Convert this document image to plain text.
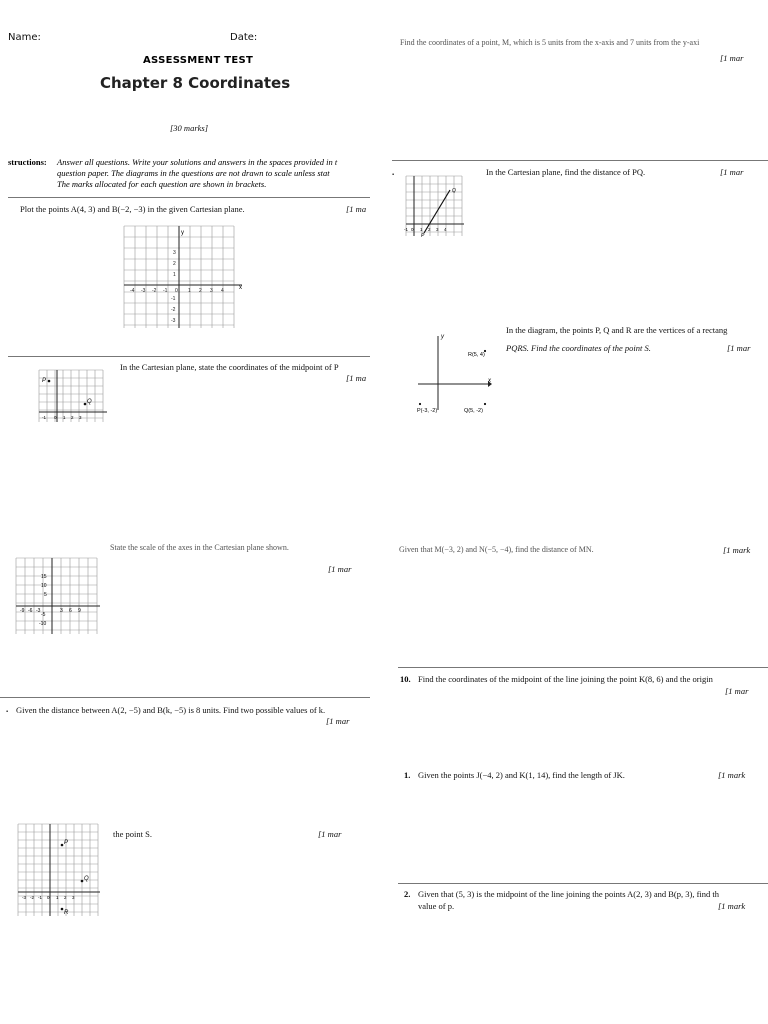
Name:	Date:
ASSESSMENT TEST
Chapter 8 Coordinates
[30 marks]
structions: Answer all questions. Write your solutions and answers in the spaces provided in t
question paper. The diagrams in the questions are not drawn to scale unless stat
The marks allocated for each question are shown in brackets.
Plot the points A(4, 3) and B(−2, −3) in the given Cartesian plane.	[1 ma
x
y
-4 -3 -2 -1 0 1 2 3 4
3
2
1
-1
-2
-3
In the Cartesian plane, state the coordinates of the midpoint of P
[1 ma
P
Q
-1 0 1 2 3
State the scale of the axes in the Cartesian plane shown.
[1 mar
15
10
5
-5
-10
-9 -6 -3	3 6 9
. Given the distance between A(2, −5) and B(k, −5) is 8 units. Find two possible values of k.
[1 mar
the point S.	[1 mar
P
Q
R
-3 -2 -1 0 1 2 3
Find the coordinates of a point, M, which is 5 units from the x-axis and 7 units from the y-axi
[1 mar
.	In the Cartesian plane, find the distance of PQ.	[1 mar
P
Q
-1 0 1 2 3 4
In the diagram, the points P, Q and R are the vertices of a rectang
PQRS. Find the coordinates of the point S.	[1 mar
y
x
R(5, 4)
P(-3, -2)	Q(5, -2)
Given that M(−3, 2) and N(−5, −4), find the distance of MN.	[1 mark
10. Find the coordinates of the midpoint of the line joining the point K(8, 6) and the origin
[1 mar
1. Given the points J(−4, 2) and K(1, 14), find the length of JK.	[1 mark
2. Given that (5, 3) is the midpoint of the line joining the points A(2, 3) and B(p, 3), find th
value of p.	[1 mark
